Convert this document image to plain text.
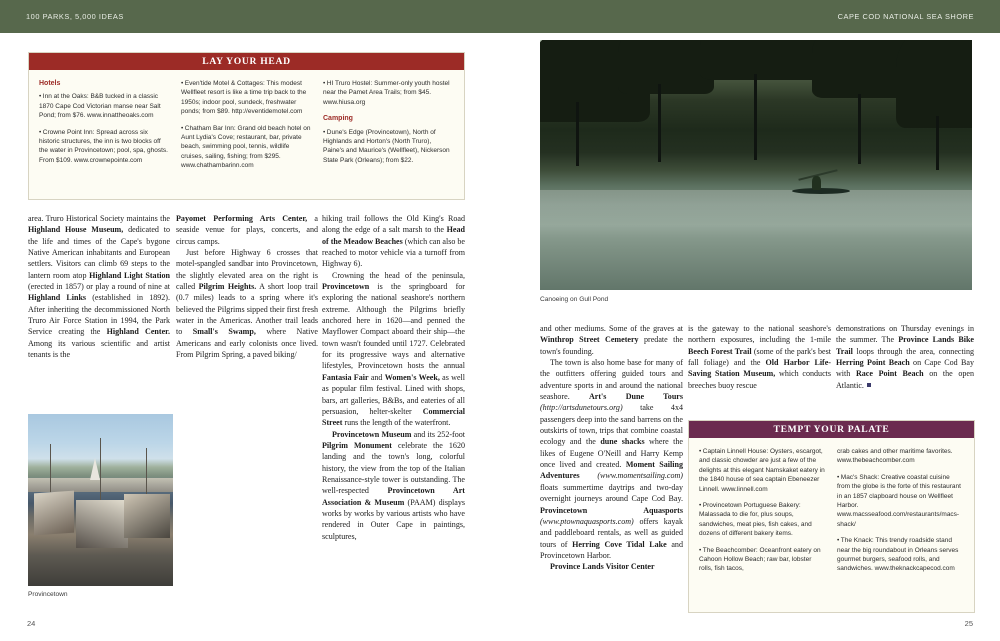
100 PARKS, 5,000 IDEAS	CAPE COD NATIONAL SEA SHORE
LAY YOUR HEAD
Hotels
• Inn at the Oaks: B&B tucked in a classic 1870 Cape Cod Victorian manse near Salt Pond; from $76. www.innattheoaks.com
• Crowne Point Inn: Spread across six historic structures, the inn is two blocks off the water in Provincetown; pool, spa, ghosts. From $109. www.crownepointe.com
• Even'tide Motel & Cottages: This modest Wellfleet resort is like a time trip back to the 1950s; indoor pool, sundeck, freshwater ponds; from $89. http://eventidemotel.com
• Chatham Bar Inn: Grand old beach hotel on Aunt Lydia's Cove; restaurant, bar, private beach, swimming pool, tennis, wildlife cruises, sailing, fishing; from $295. www.chathambarinn.com
• HI Truro Hostel: Summer-only youth hostel near the Pamet Area Trails; from $45. www.hiusa.org
Camping
• Dune's Edge (Provincetown), North of Highlands and Horton's (North Truro), Paine's and Maurice's (Wellfleet), Nickerson State Park (Orleans); from $22.

area. Truro Historical Society maintains the Highland House Museum, dedicated to the life and times of the Cape's bygone Native American inhabitants and European settlers. Visitors can climb 69 steps to the lantern room atop Highland Light Station (erected in 1857) or play a round of nine at Highland Links (established in 1892). After inheriting the decommissioned North Truro Air Force Station in 1994, the Park Service creating the Highland Center. Among its various scientific and artist tenants is the

Payomet Performing Arts Center, a seaside venue for plays, concerts, and circus camps.

Just before Highway 6 crosses that motel-spangled sandbar into Provincetown, the slightly elevated area on the right is called Pilgrim Heights. A short loop trail (0.7 miles) leads to a spring where it's believed the Pilgrims sipped their first fresh water in the Americas. Another trail leads to Small's Swamp, where Native Americans and early colonists once lived. From Pilgrim Spring, a paved biking/

hiking trail follows the Old King's Road along the edge of a salt marsh to the Head of the Meadow Beaches (which can also be reached to motor vehicle via a turnoff from Highway 6).

Crowning the head of the peninsula, Provincetown is the springboard for exploring the national seashore's northern extreme. Although the Pilgrims briefly anchored here in 1620—and penned the Mayflower Compact aboard their ship—the town wasn't founded until 1727. Celebrated for its progressive ways and alternative lifestyles, Provincetown hosts the annual Fantasia Fair and Women's Week, as well as popular film festival. Lined with shops, bars, art galleries, B&Bs, and eateries of all persuasion, helter-skelter Commercial Street runs the length of the waterfront.

Provincetown Museum and its 252-foot Pilgrim Monument celebrate the 1620 landing and the town's long, colorful history, the view from the top of the Italian Renaissance-style tower is outstanding. The well-respected Provincetown Art Association & Museum (PAAM) displays works by works by various artists who have rendered in Outer Cape in paintings, sculptures,

Provincetown
Canoeing on Gull Pond

and other mediums. Some of the graves at Winthrop Street Cemetery predate the town's founding.

The town is also home base for many of the outfitters offering guided tours and adventure sports in and around the national seashore. Art's Dune Tours (http://artsdunetours.org) take 4x4 passengers deep into the sand barrens on the outskirts of town, trips that combine coastal ecology and the dune shacks where the likes of Eugene O'Neill and Harry Kemp once lived and created. Moment Sailing Adventures (www.momentsailing.com) floats summertime daytrips and two-day overnight journeys around Cape Cod Bay. Provincetown Aquasports (www.ptownaquasports.com) offers kayak and paddleboard rentals, as well as guided tours of Herring Cove Tidal Lake and Provincetown Harbor.

Province Lands Visitor Center

is the gateway to the national seashore's northern exposures, including the 1-mile Beech Forest Trail (some of the park's best fall foliage) and the Old Harbor Life-Saving Station Museum, which conducts breeches buoy rescue

demonstrations on Thursday evenings in the summer. The Province Lands Bike Trail loops through the area, connecting Herring Point Beach on Cape Cod Bay with Race Point Beach on the open Atlantic.

TEMPT YOUR PALATE
• Captain Linnell House: Oysters, escargot, and classic chowder are just a few of the delights at this elegant Namskaket eatery in the 1840 house of sea captain Ebeneezer Linnell. www.linnell.com
• Provincetown Portuguese Bakery: Malassada to die for, plus soups, sandwiches, meat pies, fish cakes, and dozens of different bakery items.
• The Beachcomber: Oceanfront eatery on Cahoon Hollow Beach; raw bar, lobster rolls, fish tacos,
crab cakes and other maritime favorites. www.thebeachcomber.com
• Mac's Shack: Creative coastal cuisine from the globe is the forte of this restaurant in an 1857 clapboard house on Wellfleet Harbor. www.macsseafood.com/restaurants/macs-shack/
• The Knack: This trendy roadside stand near the big roundabout in Orleans serves gourmet burgers, seafood rolls, and sandwiches. www.theknackcapecod.com
24	25
